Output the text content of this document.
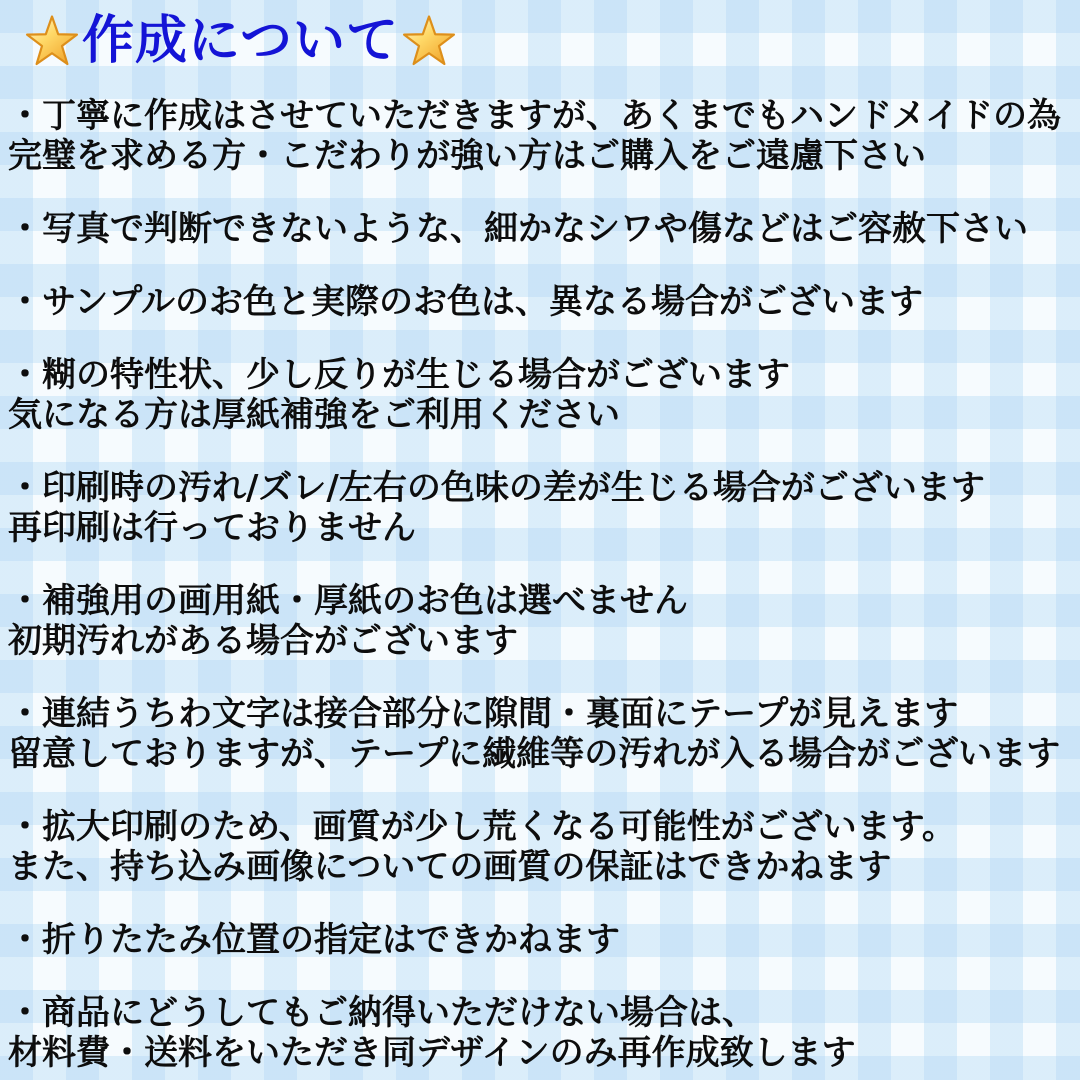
作成について

・丁寧に作成はさせていただきますが、あくまでもハンドメイドの為
完璧を求める方・こだわりが強い方はご購入をご遠慮下さい

・写真で判断できないような、細かなシワや傷などはご容赦下さい

・サンプルのお色と実際のお色は、異なる場合がございます

・糊の特性状、少し反りが生じる場合がございます
気になる方は厚紙補強をご利用ください

・印刷時の汚れ/ズレ/左右の色味の差が生じる場合がございます
再印刷は行っておりません

・補強用の画用紙・厚紙のお色は選べません
初期汚れがある場合がございます

・連結うちわ文字は接合部分に隙間・裏面にテープが見えます
留意しておりますが、テープに繊維等の汚れが入る場合がございます

・拡大印刷のため、画質が少し荒くなる可能性がございます。
また、持ち込み画像についての画質の保証はできかねます

・折りたたみ位置の指定はできかねます

・商品にどうしてもご納得いただけない場合は、
材料費・送料をいただき同デザインのみ再作成致します
